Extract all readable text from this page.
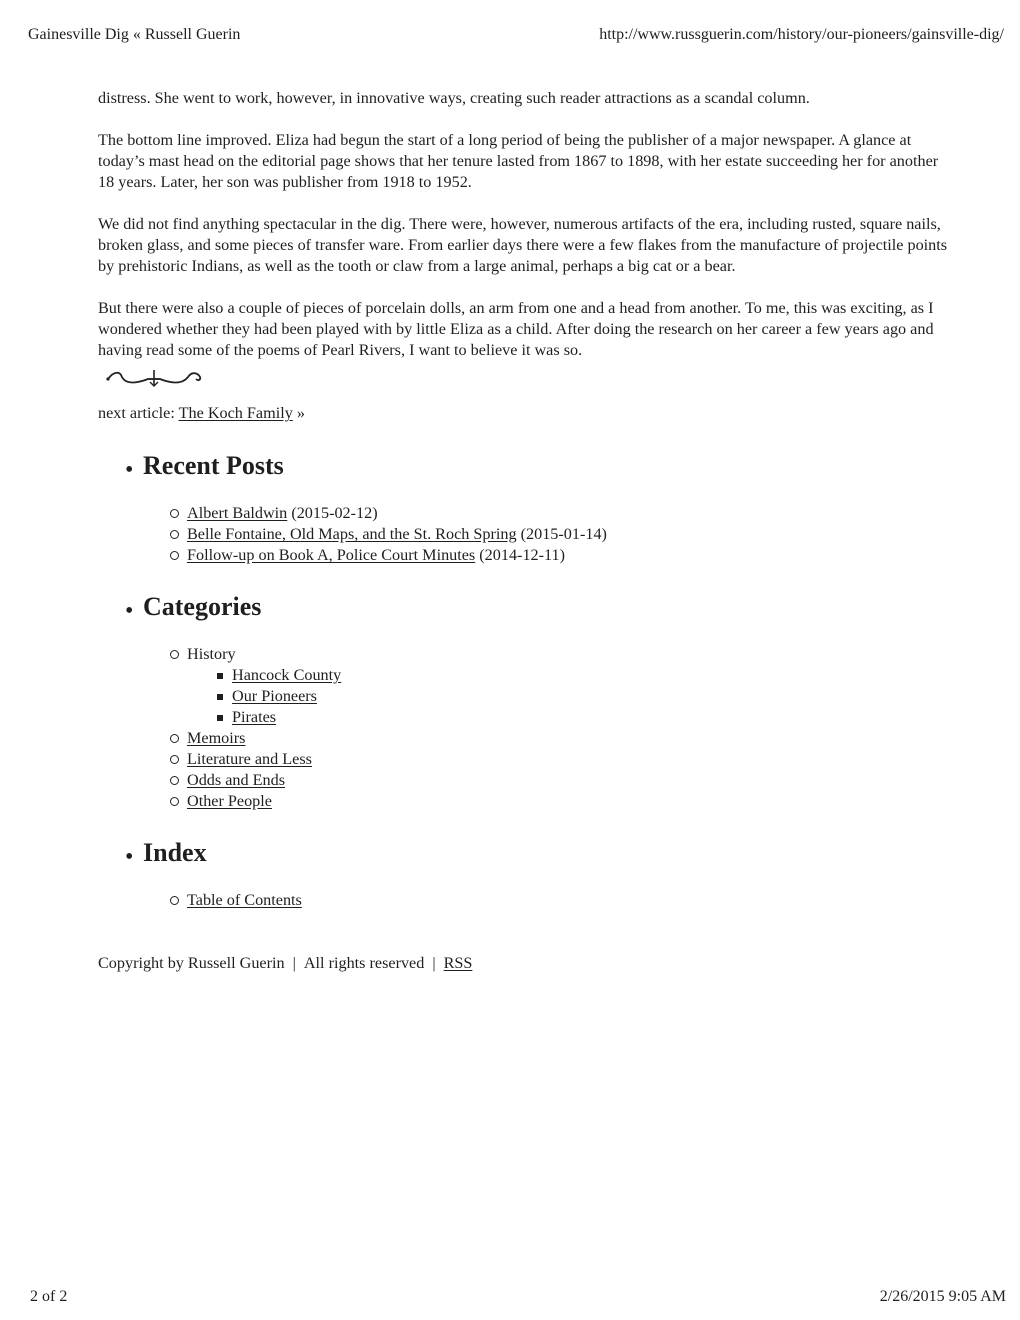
Gainesville Dig « Russell Guerin	http://www.russguerin.com/history/our-pioneers/gainsville-dig/

distress. She went to work, however, in innovative ways, creating such reader attractions as a scandal column.

The bottom line improved. Eliza had begun the start of a long period of being the publisher of a major newspaper. A glance at today’s mast head on the editorial page shows that her tenure lasted from 1867 to 1898, with her estate succeeding her for another 18 years. Later, her son was publisher from 1918 to 1952.

We did not find anything spectacular in the dig. There were, however, numerous artifacts of the era, including rusted, square nails, broken glass, and some pieces of transfer ware. From earlier days there were a few flakes from the manufacture of projectile points by prehistoric Indians, as well as the tooth or claw from a large animal, perhaps a big cat or a bear.

But there were also a couple of pieces of porcelain dolls, an arm from one and a head from another. To me, this was exciting, as I wondered whether they had been played with by little Eliza as a child. After doing the research on her career a few years ago and having read some of the poems of Pearl Rivers, I want to believe it was so.

next article: The Koch Family »
• Recent Posts
Albert Baldwin (2015-02-12)
Belle Fontaine, Old Maps, and the St. Roch Spring (2015-01-14)
Follow-up on Book A, Police Court Minutes (2014-12-11)
• Categories
History
Hancock County
Our Pioneers
Pirates
Memoirs
Literature and Less
Odds and Ends
Other People
• Index
Table of Contents
Copyright by Russell Guerin | All rights reserved | RSS
2 of 2	2/26/2015 9:05 AM
